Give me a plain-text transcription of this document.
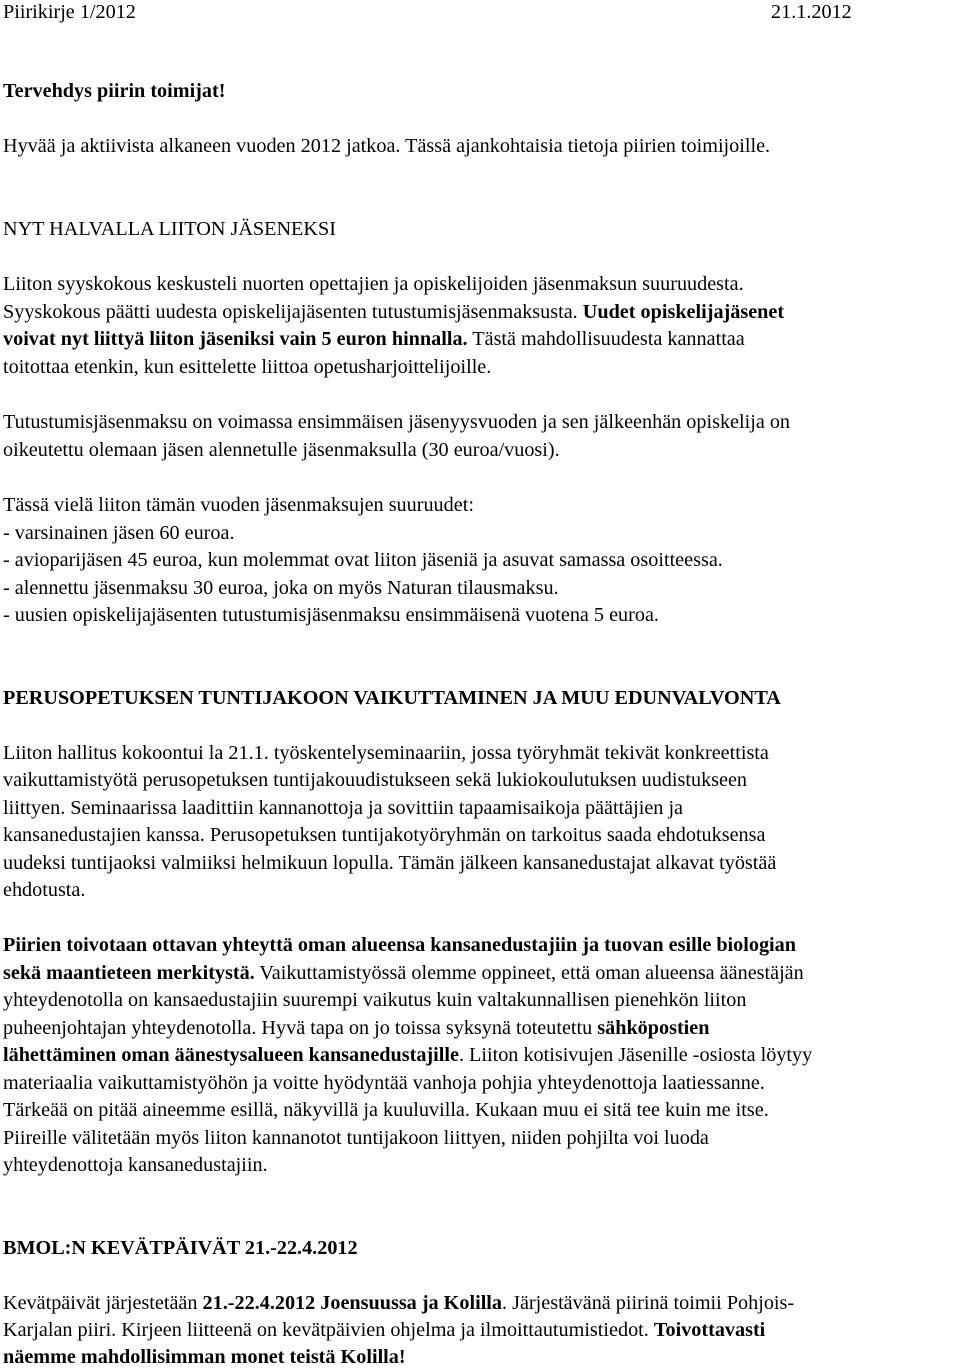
Piirikirje 1/2012	21.1.2012
Tervehdys piirin toimijat!
Hyvää ja aktiivista alkaneen vuoden 2012 jatkoa. Tässä ajankohtaisia tietoja piirien toimijoille.
NYT HALVALLA LIITON JÄSENEKSI
Liiton syyskokous keskusteli nuorten opettajien ja opiskelijoiden jäsenmaksun suuruudesta.
Syyskokous päätti uudesta opiskelijajäsenten tutustumisjäsenmaksusta. Uudet opiskelijajäsenet
voivat nyt liittyä liiton jäseniksi vain 5 euron hinnalla. Tästä mahdollisuudesta kannattaa
toitottaa etenkin, kun esittelette liittoa opetusharjoittelijoille.
Tutustumisjäsenmaksu on voimassa ensimmäisen jäsenyysvuoden ja sen jälkeenhän opiskelija on
oikeutettu olemaan jäsen alennetulle jäsenmaksulla (30 euroa/vuosi).
Tässä vielä liiton tämän vuoden jäsenmaksujen suuruudet:
- varsinainen jäsen 60 euroa.
- avioparijäsen 45 euroa, kun molemmat ovat liiton jäseniä ja asuvat samassa osoitteessa.
- alennettu jäsenmaksu 30 euroa, joka on myös Naturan tilausmaksu.
- uusien opiskelijajäsenten tutustumisjäsenmaksu ensimmäisenä vuotena 5 euroa.
PERUSOPETUKSEN TUNTIJAKOON VAIKUTTAMINEN JA MUU EDUNVALVONTA
Liiton hallitus kokoontui la 21.1. työskentelyseminaariin, jossa työryhmät tekivät konkreettista
vaikuttamistyötä perusopetuksen tuntijakouudistukseen sekä lukiokoulutuksen uudistukseen
liittyen. Seminaarissa laadittiin kannanottoja ja sovittiin tapaamisaikoja päättäjien ja
kansanedustajien kanssa. Perusopetuksen tuntijakotyöryhmän on tarkoitus saada ehdotuksensa
uudeksi tuntijaoksi valmiiksi helmikuun lopulla. Tämän jälkeen kansanedustajat alkavat työstää
ehdotusta.
Piirien toivotaan ottavan yhteyttä oman alueensa kansanedustajiin ja tuovan esille biologian
sekä maantieteen merkitystä. Vaikuttamistyössä olemme oppineet, että oman alueensa äänestäjän
yhteydenotolla on kansaedustajiin suurempi vaikutus kuin valtakunnallisen pienehkön liiton
puheenjohtajan yhteydenotolla. Hyvä tapa on jo toissa syksynä toteutettu sähköpostien
lähettäminen oman äänestysalueen kansanedustajille. Liiton kotisivujen Jäsenille -osiosta löytyy
materiaalia vaikuttamistyöhön ja voitte hyödyntää vanhoja pohjia yhteydenottoja laatiessanne.
Tärkeää on pitää aineemme esillä, näkyvillä ja kuuluvilla. Kukaan muu ei sitä tee kuin me itse.
Piireille välitetään myös liiton kannanotot tuntijakoon liittyen, niiden pohjilta voi luoda
yhteydenottoja kansanedustajiin.
BMOL:N KEVÄTPÄIVÄT 21.-22.4.2012
Kevätpäivät järjestetään 21.-22.4.2012 Joensuussa ja Kolilla. Järjestävänä piirinä toimii Pohjois-
Karjalan piiri. Kirjeen liitteenä on kevätpäivien ohjelma ja ilmoittautumistiedot. Toivottavasti
näemme mahdollisimman monet teistä Kolilla!
